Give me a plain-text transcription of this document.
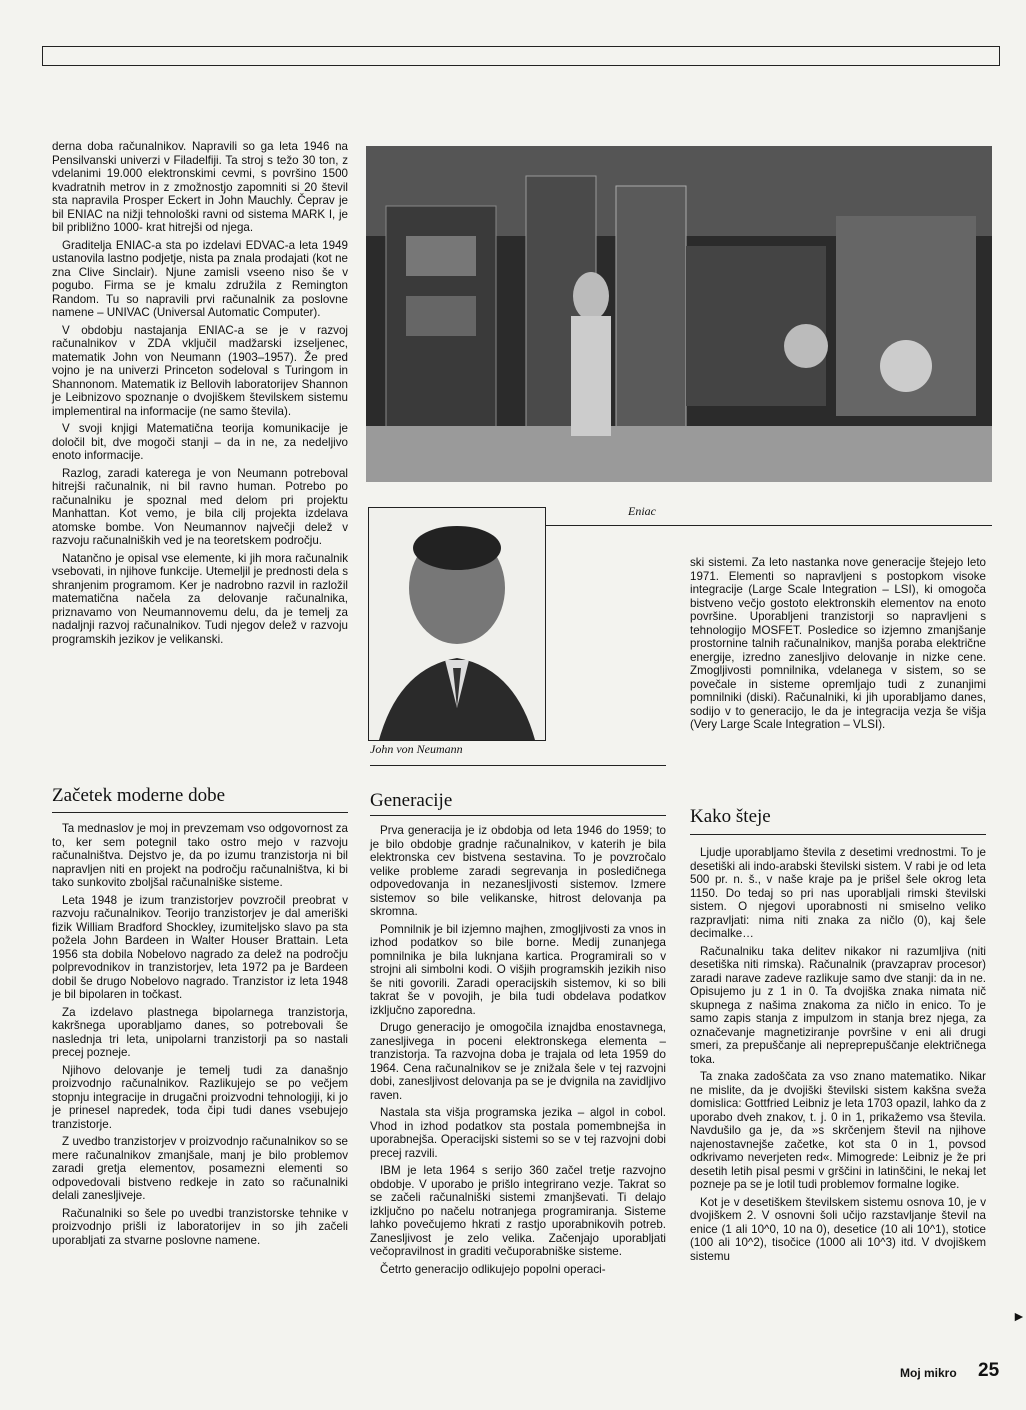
derna doba računalnikov. Napravili so ga leta 1946 na Pensilvanski univerzi v Filadelfiji. Ta stroj s težo 30 ton, z vdelanimi 19.000 elektronskimi cevmi, s površino 1500 kvadratnih metrov in z zmožnostjo zapomniti si 20 števil sta napravila Prosper Eckert in John Mauchly. Čeprav je bil ENIAC na nižji tehnološki ravni od sistema MARK I, je bil približno 1000- krat hitrejši od njega.

Graditelja ENIAC-a sta po izdelavi EDVAC-a leta 1949 ustanovila lastno podjetje, nista pa znala prodajati (kot ne zna Clive Sinclair). Njune zamisli vseeno niso še v pogubo. Firma se je kmalu združila z Remington Random. Tu so napravili prvi računalnik za poslovne namene – UNIVAC (Universal Automatic Computer).

V obdobju nastajanja ENIAC-a se je v razvoj računalnikov v ZDA vključil madžarski izseljenec, matematik John von Neumann (1903–1957). Že pred vojno je na univerzi Princeton sodeloval s Turingom in Shannonom. Matematik iz Bellovih laboratorijev Shannon je Leibnizovo spoznanje o dvojiškem številskem sistemu implementiral na informacije (ne samo števila).

V svoji knjigi Matematična teorija komunikacije je določil bit, dve mogoči stanji – da in ne, za nedeljivo enoto informacije.

Razlog, zaradi katerega je von Neumann potreboval hitrejši računalnik, ni bil ravno human. Potrebo po računalniku je spoznal med delom pri projektu Manhattan. Kot vemo, je bila cilj projekta izdelava atomske bombe. Von Neumannov največji delež v razvoju računalniških ved je na teoretskem področju.

Natančno je opisal vse elemente, ki jih mora računalnik vsebovati, in njihove funkcije. Utemeljil je prednosti dela s shranjenim programom. Ker je nadrobno razvil in razložil matematična načela za delovanje računalnika, priznavamo von Neumannovemu delu, da je temelj za nadaljnji razvoj računalnikov. Tudi njegov delež v razvoju programskih jezikov je velikanski.

Eniac
John von Neumann

ski sistemi. Za leto nastanka nove generacije štejejo leto 1971. Elementi so napravljeni s postopkom visoke integracije (Large Scale Integration – LSI), ki omogoča bistveno večjo gostoto elektronskih elementov na enoto površine. Uporabljeni tranzistorji so napravljeni s tehnologijo MOSFET. Posledice so izjemno zmanjšanje prostornine talnih računalnikov, manjša poraba električne energije, izredno zanesljivo delovanje in nizke cene. Zmogljivosti pomnilnika, vdelanega v sistem, so se povečale in sisteme opremljajo tudi z zunanjimi pomnilniki (diski). Računalniki, ki jih uporabljamo danes, sodijo v to generacijo, le da je integracija vezja še višja (Very Large Scale Integration – VLSI).

Začetek moderne dobe

Ta mednaslov je moj in prevzemam vso odgovornost za to, ker sem potegnil tako ostro mejo v razvoju računalništva. Dejstvo je, da po izumu tranzistorja ni bil napravljen niti en projekt na področju računalništva, ki bi tako sunkovito zboljšal računalniške sisteme.

Leta 1948 je izum tranzistorjev povzročil preobrat v razvoju računalnikov. Teorijo tranzistorjev je dal ameriški fizik William Bradford Shockley, izumiteljsko slavo pa sta požela John Bardeen in Walter Houser Brattain. Leta 1956 sta dobila Nobelovo nagrado za delež na področju polprevodnikov in tranzistorjev, leta 1972 pa je Bardeen dobil še drugo Nobelovo nagrado. Tranzistor iz leta 1948 je bil bipolaren in točkast.

Za izdelavo plastnega bipolarnega tranzistorja, kakršnega uporabljamo danes, so potrebovali še naslednja tri leta, unipolarni tranzistorji pa so nastali precej pozneje.

Njihovo delovanje je temelj tudi za današnjo proizvodnjo računalnikov. Razlikujejo se po večjem stopnju integracije in drugačni proizvodni tehnologiji, ki jo je prinesel napredek, toda čipi tudi danes vsebujejo tranzistorje.

Z uvedbo tranzistorjev v proizvodnjo računalnikov so se mere računalnikov zmanjšale, manj je bilo problemov zaradi gretja elementov, posamezni elementi so odpovedovali bistveno redkeje in zato so računalniki delali zanesljiveje.

Računalniki so šele po uvedbi tranzistorske tehnike v proizvodnjo prišli iz laboratorijev in so jih začeli uporabljati za stvarne poslovne namene.

Generacije

Prva generacija je iz obdobja od leta 1946 do 1959; to je bilo obdobje gradnje računalnikov, v katerih je bila elektronska cev bistvena sestavina. To je povzročalo velike probleme zaradi segrevanja in posledičnega odpovedovanja in nezanesljivosti sistemov. Izmere sistemov so bile velikanske, hitrost delovanja pa skromna.

Pomnilnik je bil izjemno majhen, zmogljivosti za vnos in izhod podatkov so bile borne. Medij zunanjega pomnilnika je bila luknjana kartica. Programirali so v strojni ali simbolni kodi. O višjih programskih jezikih niso še niti govorili. Zaradi operacijskih sistemov, ki so bili takrat še v povojih, je bila tudi obdelava podatkov izključno zaporedna.

Drugo generacijo je omogočila iznajdba enostavnega, zanesljivega in poceni elektronskega elementa – tranzistorja. Ta razvojna doba je trajala od leta 1959 do 1964. Cena računalnikov se je znižala šele v tej razvojni dobi, zanesljivost delovanja pa se je dvignila na zavidljivo raven.

Nastala sta višja programska jezika – algol in cobol. Vhod in izhod podatkov sta postala pomembnejša in uporabnejša. Operacijski sistemi so se v tej razvojni dobi precej razvili.

IBM je leta 1964 s serijo 360 začel tretje razvojno obdobje. V uporabo je prišlo integrirano vezje. Takrat so se začeli računalniški sistemi zmanjševati. Ti delajo izključno po načelu notranjega programiranja. Sisteme lahko povečujemo hkrati z rastjo uporabnikovih potreb. Zanesljivost je zelo velika. Začenjajo uporabljati večopravilnost in graditi večuporabniške sisteme.

Četrto generacijo odlikujejo popolni operaci-

Kako šteje

Ljudje uporabljamo števila z desetimi vrednostmi. To je desetiški ali indo-arabski številski sistem. V rabi je od leta 500 pr. n. š., v naše kraje pa je prišel šele okrog leta 1150. Do tedaj so pri nas uporabljali rimski številski sistem. O njegovi uporabnosti ni smiselno veliko razpravljati: nima niti znaka za ničlo (0), kaj šele decimalke…

Računalniku taka delitev nikakor ni razumljiva (niti desetiška niti rimska). Računalnik (pravzaprav procesor) zaradi narave zadeve razlikuje samo dve stanji: da in ne. Opisujemo ju z 1 in 0. Ta dvojiška znaka nimata nič skupnega z našima znakoma za ničlo in enico. To je samo zapis stanja z impulzom in stanja brez njega, za označevanje magnetiziranje površine v eni ali drugi smeri, za prepuščanje ali nepreprepuščanje električnega toka.

Ta znaka zadoščata za vso znano matematiko. Nikar ne mislite, da je dvojiški številski sistem kakšna sveža domislica: Gottfried Leibniz je leta 1703 opazil, lahko da z uporabo dveh znakov, t. j. 0 in 1, prikažemo vsa števila. Navdušilo ga je, da »s skrčenjem števil na njihove najenostavnejše začetke, kot sta 0 in 1, povsod odkrivamo neverjeten red«. Mimogrede: Leibniz je že pri desetih letih pisal pesmi v grščini in latinščini, le nekaj let pozneje pa se je lotil tudi problemov formalne logike.

Kot je v desetiškem številskem sistemu osnova 10, je v dvojiškem 2. V osnovni šoli učijo razstavljanje števil na enice (1 ali 10^0, 10 na 0), desetice (10 ali 10^1), stotice (100 ali 10^2), tisočice (1000 ali 10^3) itd. V dvojiškem sistemu

►
Moj mikro 25
